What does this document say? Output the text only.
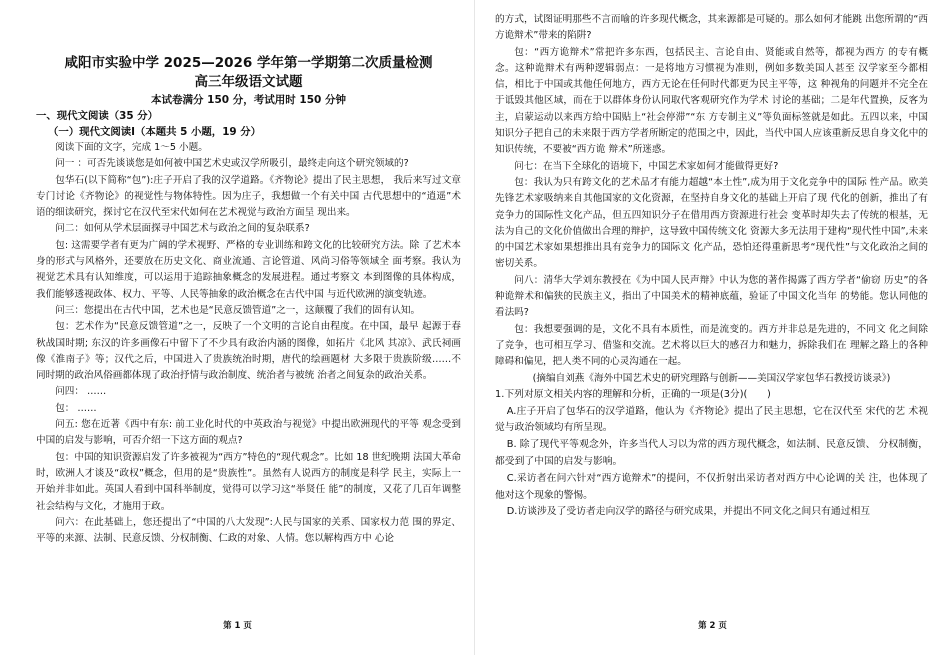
咸阳市实验中学 2025—2026 学年第一学期第二次质量检测
高三年级语文试题
本试卷满分 150 分，考试用时 150 分钟
一、现代文阅读（35 分）
（一）现代文阅读Ⅰ（本题共 5 小题，19 分）

阅读下面的文字，完成 1～5 小题。

问一 ：可否先谈谈您是如何被中国艺术史或汉学所吸引，最终走向这个研究领域的?

包华石(以下简称“包”):庄子开启了我的汉学道路。《齐物论》提出了民主思想， 我后来写过文章专门讨论《齐物论》的视觉性与物体特性。因为庄子，我想做一个有关中国 古代思想中的“逍遥”术语的细读研究，探讨它在汉代至宋代如何在艺术视觉与政治方面呈 现出来。

问二：如何从学术层面探寻中国艺术与政治之间的复杂联系?

包: 这需要学者有更为广阔的学术视野、严格的专业训练和跨文化的比较研究方法。除 了艺术本身的形式与风格外，还要放在历史文化、商业流通、言论管道、风尚习俗等领域全 面考察。我认为视觉艺术具有认知维度，可以运用于追踪抽象概念的发展进程。通过考察文 本到图像的具体构成，我们能够透视政体、权力、平等、人民等抽象的政治概念在古代中国 与近代欧洲的演变轨迹。

问三：您提出在古代中国，艺术也是“民意反馈管道”之一，这颠覆了我们的固有认知。

包：艺术作为“民意反馈管道”之一，反映了一个文明的言论自由程度。在中国，最早 起源于春秋战国时期; 东汉的许多画像石中留下了不少具有政治内涵的图像，如拓片《北风 其凉》、武氏祠画像《淮南子》等；汉代之后，中国进入了贵族统治时期，唐代的绘画题材 大多限于贵族阶级……不同时期的政治风俗画都体现了政治抒情与政治制度、统治者与被统 治者之间复杂的政治关系。

问四： ……

包： ……

问五: 您在近著《西中有东: 前工业化时代的中英政治与视觉》中提出欧洲现代的平等 观念受到中国的启发与影响，可否介绍一下这方面的观点?

包：中国的知识资源启发了许多被视为“西方”特色的“现代观念”。比如 18 世纪晚期 法国大革命时，欧洲人才谈及“政权”概念，但用的是“贵族性”。虽然有人说西方的制度是科学 民主，实际上一开始并非如此。英国人看到中国科举制度，觉得可以学习这“举贤任 能”的制度，又花了几百年调整社会结构与文化，才施用于政。

问六：在此基础上，您还提出了“中国的八大发现”:人民与国家的关系、国家权力范 围的界定、平等的来源、法制、民意反馈、分权制衡、仁政的对象、人情。您以解构西方中 心论

第 1 页

的方式，试图证明那些不言而喻的许多现代概念，其来源都是可疑的。那么如何才能跳 出您所谓的“西方诡辩术”带来的陷阱?

包：“西方诡辩术”常把许多东西，包括民主、言论自由、贤能或自然等，都视为西方 的专有概念。这种诡辩术有两种逻辑弱点：一是将地方习惯视为准则，例如多数美国人甚至 汉学家至今都相信，相比于中国或其他任何地方，西方无论在任何时代都更为民主平等，这 种视角的问题并不完全在于诋毁其他区域，而在于以群体身份认同取代客观研究作为学术 讨论的基础；二是年代置换，反客为主，启蒙运动以来西方给中国贴上“社会停滞”“东 方专制主义”等负面标签就是如此。五四以来，中国知识分子把自己的未来限于西方学者所断定的范围之中，因此，当代中国人应该重新反思自身文化中的知识传统，不要被“西方诡 辩术”所迷惑。

问七：在当下全球化的语境下，中国艺术家如何才能做得更好?

包：我认为只有跨文化的艺术品才有能力超越“本土性”,成为用于文化竞争中的国际 性产品。欧美先锋艺术家吸纳来自其他国家的文化资源，在坚持自身文化的基础上开启了现 代化的创新，推出了有竞争力的国际性文化产品，但五四知识分子在借用西方资源进行社会 变革时却失去了传统的根基，无法为自己的文化价值做出合理的辩护，这导致中国传统文化 资源大多无法用于建构“现代性中国”,未来的中国艺术家如果想推出具有竞争力的国际文 化产品，恐怕还得重新思考“现代性”与文化政治之间的密切关系。

问八：清华大学刘东教授在《为中国人民声辩》中认为您的著作揭露了西方学者“偷窃 历史”的各种诡辩术和偏狭的民族主义，指出了中国美术的精神底蕴，验证了中国文化当年 的势能。您认同他的看法吗?

包：我想要强调的是，文化不具有本质性，而是流变的。西方并非总是先进的，不同文 化之间除了竞争，也可相互学习、借鉴和交流。艺术将以巨大的感召力和魅力，拆除我们在 理解之路上的各种障碍和偏见，把人类不同的心灵沟通在一起。

(摘编自刘燕《海外中国艺术史的研究理路与创新——美国汉学家包华石教授访谈录》)

1.下列对原文相关内容的理解和分析，正确的一项是(3分)(　　)

A.庄子开启了包华石的汉学道路，他认为《齐物论》提出了民主思想，它在汉代至 宋代的艺 术视觉与政治领域均有所呈现。

B. 除了现代平等观念外，许多当代人习以为常的西方现代概念，如法制、民意反馈、 分权制衡，都受到了中国的启发与影响。

C.采访者在问六针对“西方诡辩术”的提问，不仅折射出采访者对西方中心论调的关 注，也体现了他对这个现象的警惕。

D.访谈涉及了受访者走向汉学的路径与研究成果，并提出不同文化之间只有通过相互

第 2 页
